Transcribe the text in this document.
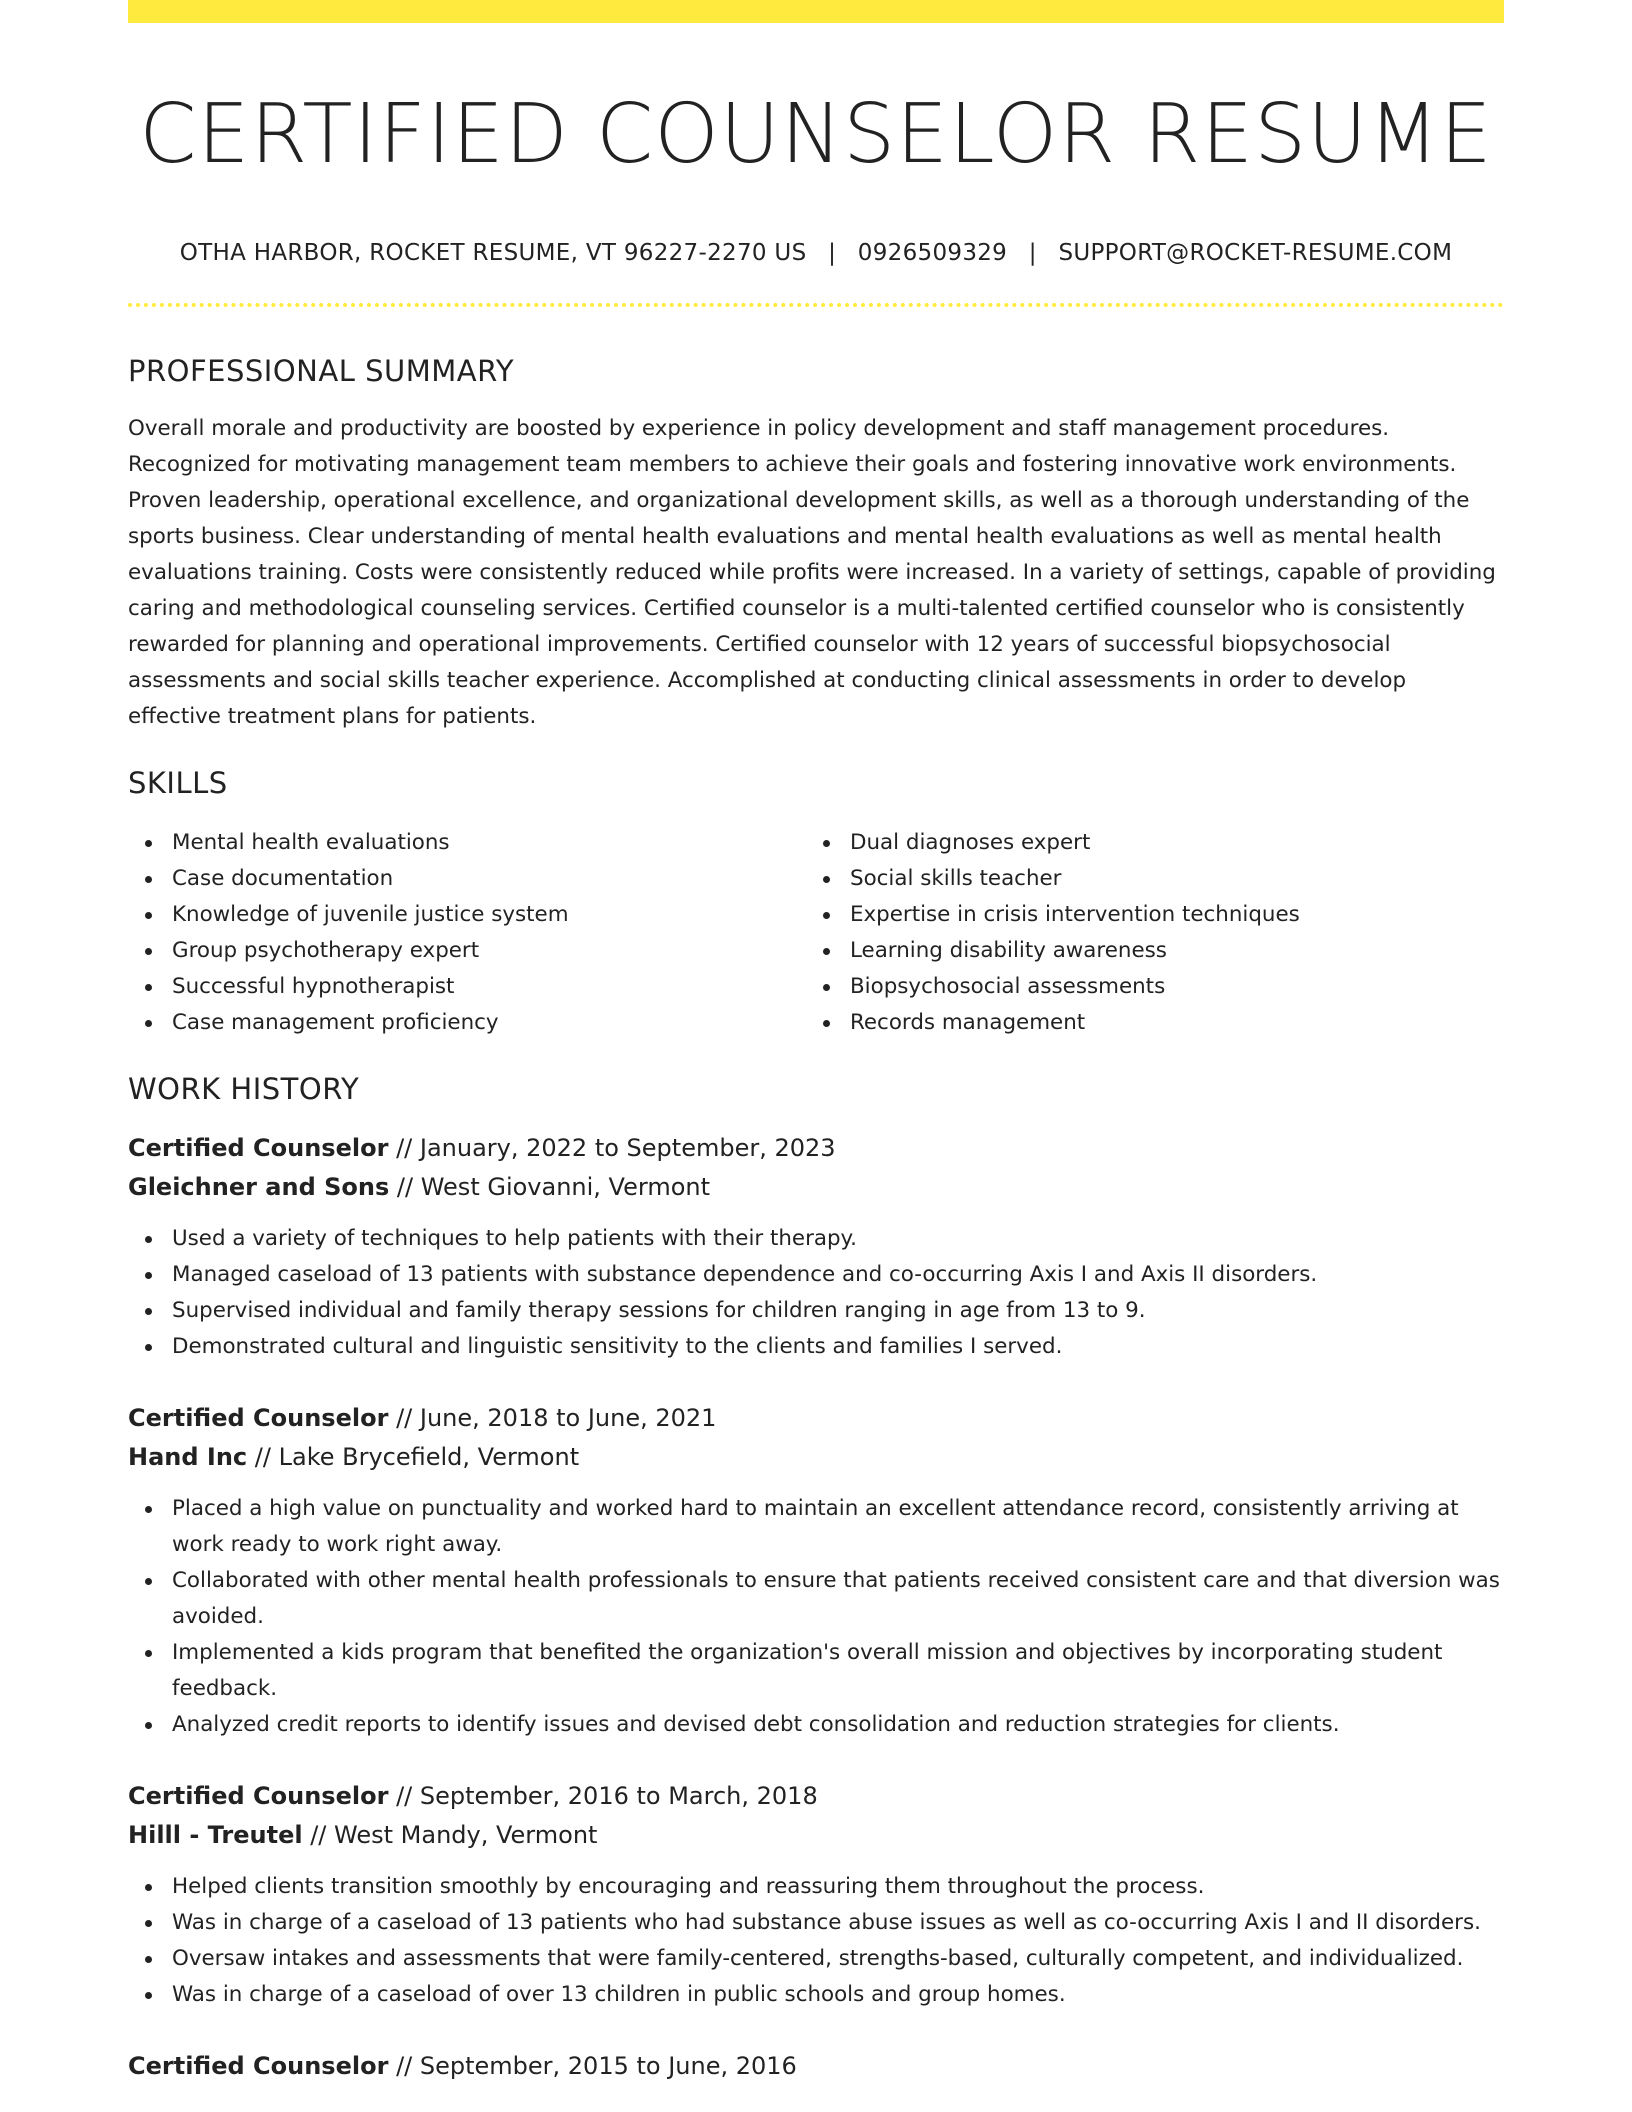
CERTIFIED COUNSELOR RESUME
OTHA HARBOR, ROCKET RESUME, VT 96227-2270 US | 0926509329 | SUPPORT@ROCKET-RESUME.COM
PROFESSIONAL SUMMARY

Overall morale and productivity are boosted by experience in policy development and staff management procedures. Recognized for motivating management team members to achieve their goals and fostering innovative work environments. Proven leadership, operational excellence, and organizational development skills, as well as a thorough understanding of the sports business. Clear understanding of mental health evaluations and mental health evaluations as well as mental health evaluations training. Costs were consistently reduced while profits were increased. In a variety of settings, capable of providing caring and methodological counseling services. Certified counselor is a multi-talented certified counselor who is consistently rewarded for planning and operational improvements. Certified counselor with 12 years of successful biopsychosocial assessments and social skills teacher experience. Accomplished at conducting clinical assessments in order to develop effective treatment plans for patients.

SKILLS
Mental health evaluations
Case documentation
Knowledge of juvenile justice system
Group psychotherapy expert
Successful hypnotherapist
Case management proficiency
Dual diagnoses expert
Social skills teacher
Expertise in crisis intervention techniques
Learning disability awareness
Biopsychosocial assessments
Records management
WORK HISTORY
Certified Counselor // January, 2022 to September, 2023
Gleichner and Sons // West Giovanni, Vermont
Used a variety of techniques to help patients with their therapy.
Managed caseload of 13 patients with substance dependence and co-occurring Axis I and Axis II disorders.
Supervised individual and family therapy sessions for children ranging in age from 13 to 9.
Demonstrated cultural and linguistic sensitivity to the clients and families I served.
Certified Counselor // June, 2018 to June, 2021
Hand Inc // Lake Brycefield, Vermont
Placed a high value on punctuality and worked hard to maintain an excellent attendance record, consistently arriving at work ready to work right away.
Collaborated with other mental health professionals to ensure that patients received consistent care and that diversion was avoided.
Implemented a kids program that benefited the organization's overall mission and objectives by incorporating student feedback.
Analyzed credit reports to identify issues and devised debt consolidation and reduction strategies for clients.
Certified Counselor // September, 2016 to March, 2018
Hilll - Treutel // West Mandy, Vermont
Helped clients transition smoothly by encouraging and reassuring them throughout the process.
Was in charge of a caseload of 13 patients who had substance abuse issues as well as co-occurring Axis I and II disorders.
Oversaw intakes and assessments that were family-centered, strengths-based, culturally competent, and individualized.
Was in charge of a caseload of over 13 children in public schools and group homes.
Certified Counselor // September, 2015 to June, 2016
